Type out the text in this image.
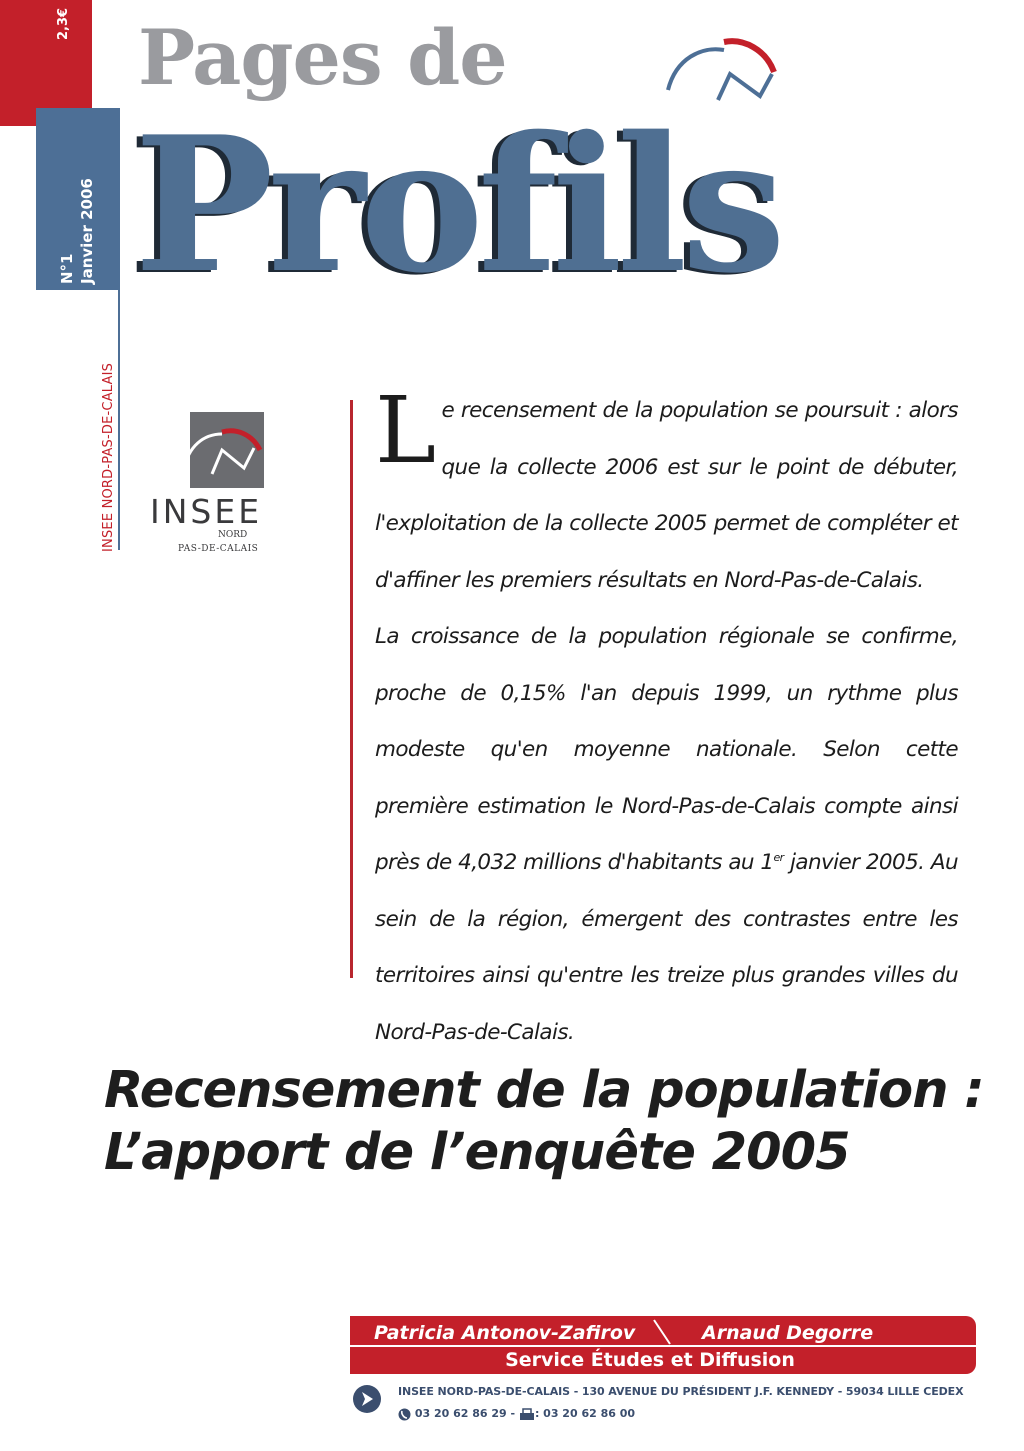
2,3€
N°1 Janvier 2006
INSEE NORD-PAS-DE-CALAIS
Pages de
Profils
INSEE
NORD
PAS-DE-CALAIS

Le recensement de la population se poursuit : alors que la collecte 2006 est sur le point de débuter, l'exploitation de la collecte 2005 permet de compléter et d'affiner les premiers résultats en Nord-Pas-de-Calais.

La croissance de la population régionale se confirme, proche de 0,15% l'an depuis 1999, un rythme plus modeste qu'en moyenne nationale. Selon cette première estimation le Nord-Pas-de-Calais compte ainsi près de 4,032 millions d'habitants au 1er janvier 2005. Au sein de la région, émergent des contrastes entre les territoires ainsi qu'entre les treize plus grandes villes du Nord-Pas-de-Calais.

Recensement de la population :
L’apport de l’enquête 2005
Patricia Antonov-Zafirov	Arnaud Degorre
Service Études et Diffusion
INSEE NORD-PAS-DE-CALAIS - 130 AVENUE DU PRÉSIDENT J.F. KENNEDY - 59034 LILLE CEDEX
03 20 62 86 29 - : 03 20 62 86 00
